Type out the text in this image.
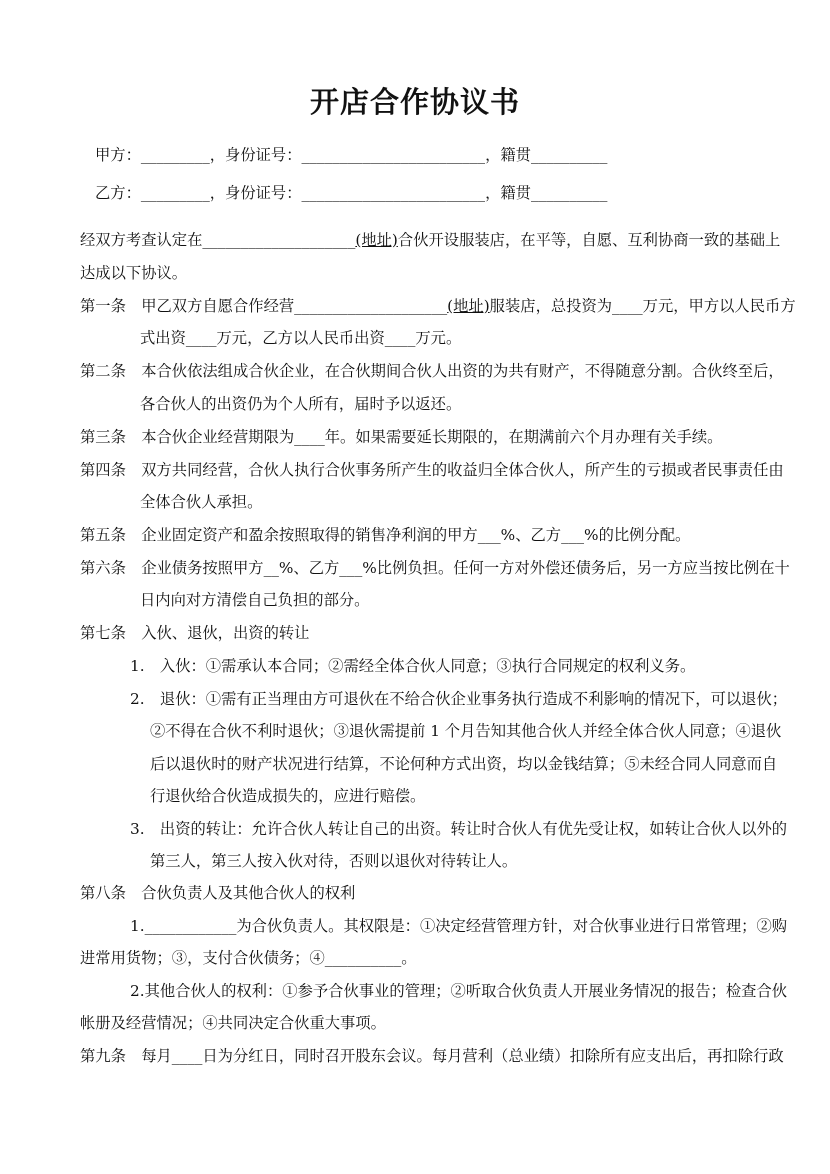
开店合作协议书
甲方：_________，身份证号：________________________，籍贯__________
乙方：_________，身份证号：________________________，籍贯__________
经双方考查认定在____________________(地址)合伙开设服装店，在平等，自愿、互利协商一致的基础上
达成以下协议。
第一条　甲乙双方自愿合作经营____________________(地址)服装店，总投资为____万元，甲方以人民币方
式出资____万元，乙方以人民币出资____万元。
第二条　本合伙依法组成合伙企业，在合伙期间合伙人出资的为共有财产，不得随意分割。合伙终至后，
各合伙人的出资仍为个人所有，届时予以返还。
第三条　本合伙企业经营期限为____年。如果需要延长期限的，在期满前六个月办理有关手续。
第四条　双方共同经营，合伙人执行合伙事务所产生的收益归全体合伙人，所产生的亏损或者民事责任由
全体合伙人承担。
第五条　企业固定资产和盈余按照取得的销售净利润的甲方___%、乙方___%的比例分配。
第六条　企业债务按照甲方__%、乙方___%比例负担。任何一方对外偿还债务后，另一方应当按比例在十
日内向对方清偿自己负担的部分。
第七条　入伙、退伙，出资的转让
1.　入伙：①需承认本合同；②需经全体合伙人同意；③执行合同规定的权利义务。
2.　退伙：①需有正当理由方可退伙在不给合伙企业事务执行造成不利影响的情况下，可以退伙；
②不得在合伙不利时退伙；③退伙需提前 1 个月告知其他合伙人并经全体合伙人同意；④退伙
后以退伙时的财产状况进行结算，不论何种方式出资，均以金钱结算；⑤未经合同人同意而自
行退伙给合伙造成损失的，应进行赔偿。
3.　出资的转让：允许合伙人转让自己的出资。转让时合伙人有优先受让权，如转让合伙人以外的
第三人，第三人按入伙对待，否则以退伙对待转让人。
第八条　合伙负责人及其他合伙人的权利
1.____________为合伙负责人。其权限是：①决定经营管理方针，对合伙事业进行日常管理；②购
进常用货物；③，支付合伙债务；④__________。
2.其他合伙人的权利：①参予合伙事业的管理；②听取合伙负责人开展业务情况的报告；检查合伙
帐册及经营情况；④共同决定合伙重大事项。
第九条　每月____日为分红日，同时召开股东会议。每月营利（总业绩）扣除所有应支出后，再扣除行政
